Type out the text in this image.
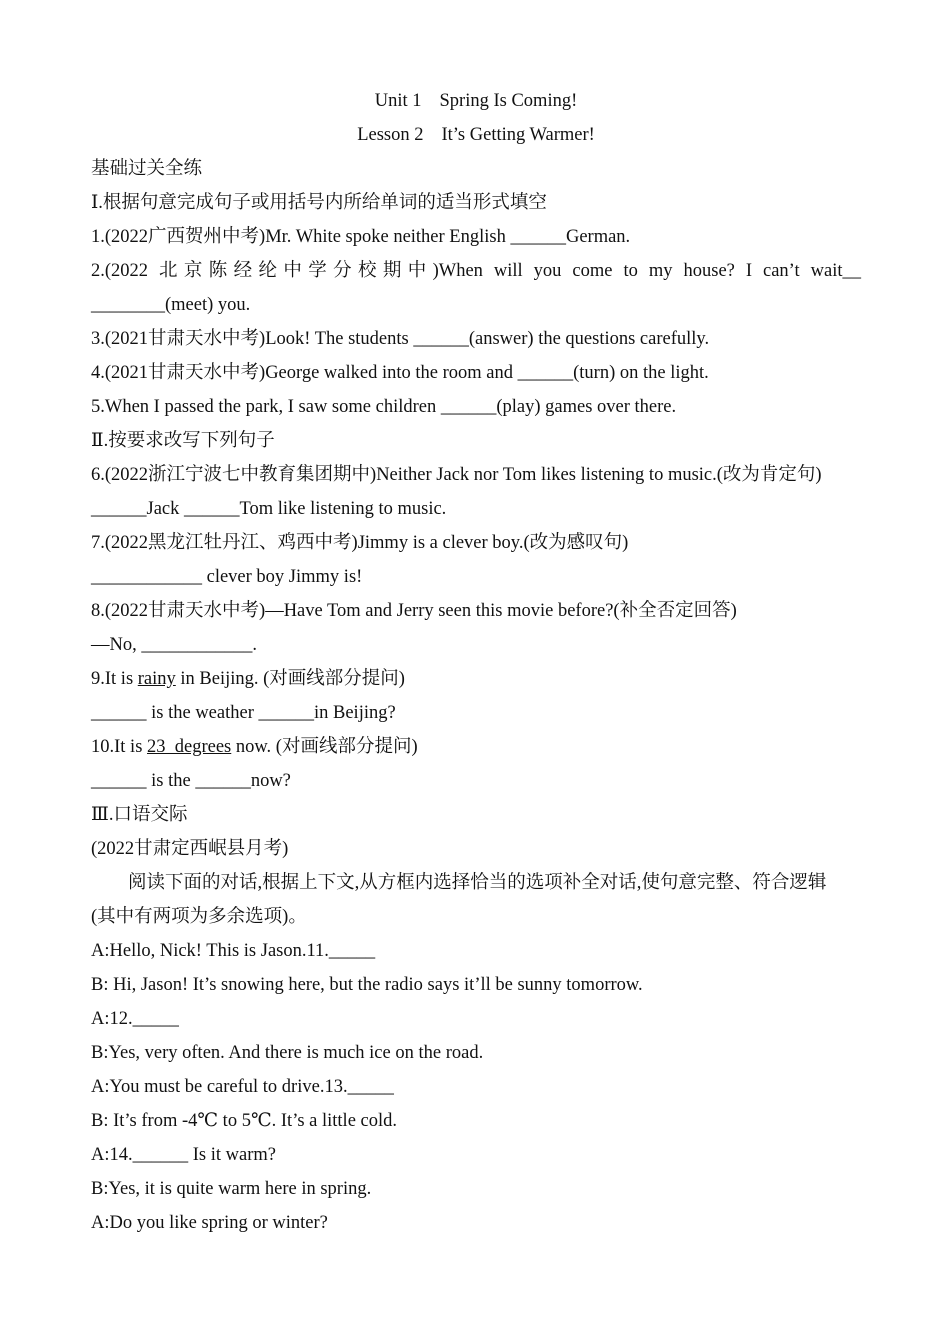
Unit 1 Spring Is Coming!
Lesson 2 It’s Getting Warmer!
基础过关全练
Ⅰ.根据句意完成句子或用括号内所给单词的适当形式填空
1.(2022广西贺州中考)Mr. White spoke neither English ______German.
2.(2022 北京陈经纶中学分校期中)When will you come to my house? I can’t wait__
________(meet) you.
3.(2021甘肃天水中考)Look! The students ______(answer) the questions carefully.
4.(2021甘肃天水中考)George walked into the room and ______(turn) on the light.
5.When I passed the park, I saw some children ______(play) games over there.
Ⅱ.按要求改写下列句子
6.(2022浙江宁波七中教育集团期中)Neither Jack nor Tom likes listening to music.(改为肯定句)
______Jack ______Tom like listening to music.
7.(2022黑龙江牡丹江、鸡西中考)Jimmy is a clever boy.(改为感叹句)
____________ clever boy Jimmy is!
8.(2022甘肃天水中考)—Have Tom and Jerry seen this movie before?(补全否定回答)
—No, ____________.
9.It is rainy in Beijing. (对画线部分提问)
______ is the weather ______in Beijing?
10.It is 23  degrees now. (对画线部分提问)
______ is the ______now?
Ⅲ.口语交际
(2022甘肃定西岷县月考)
阅读下面的对话,根据上下文,从方框内选择恰当的选项补全对话,使句意完整、符合逻辑
(其中有两项为多余选项)。
A:Hello, Nick! This is Jason.11._____
B: Hi, Jason! It’s snowing here, but the radio says it’ll be sunny tomorrow.
A:12._____
B:Yes, very often. And there is much ice on the road.
A:You must be careful to drive.13._____
B: It’s from -4℃ to 5℃. It’s a little cold.
A:14.______ Is it warm?
B:Yes, it is quite warm here in spring.
A:Do you like spring or winter?
